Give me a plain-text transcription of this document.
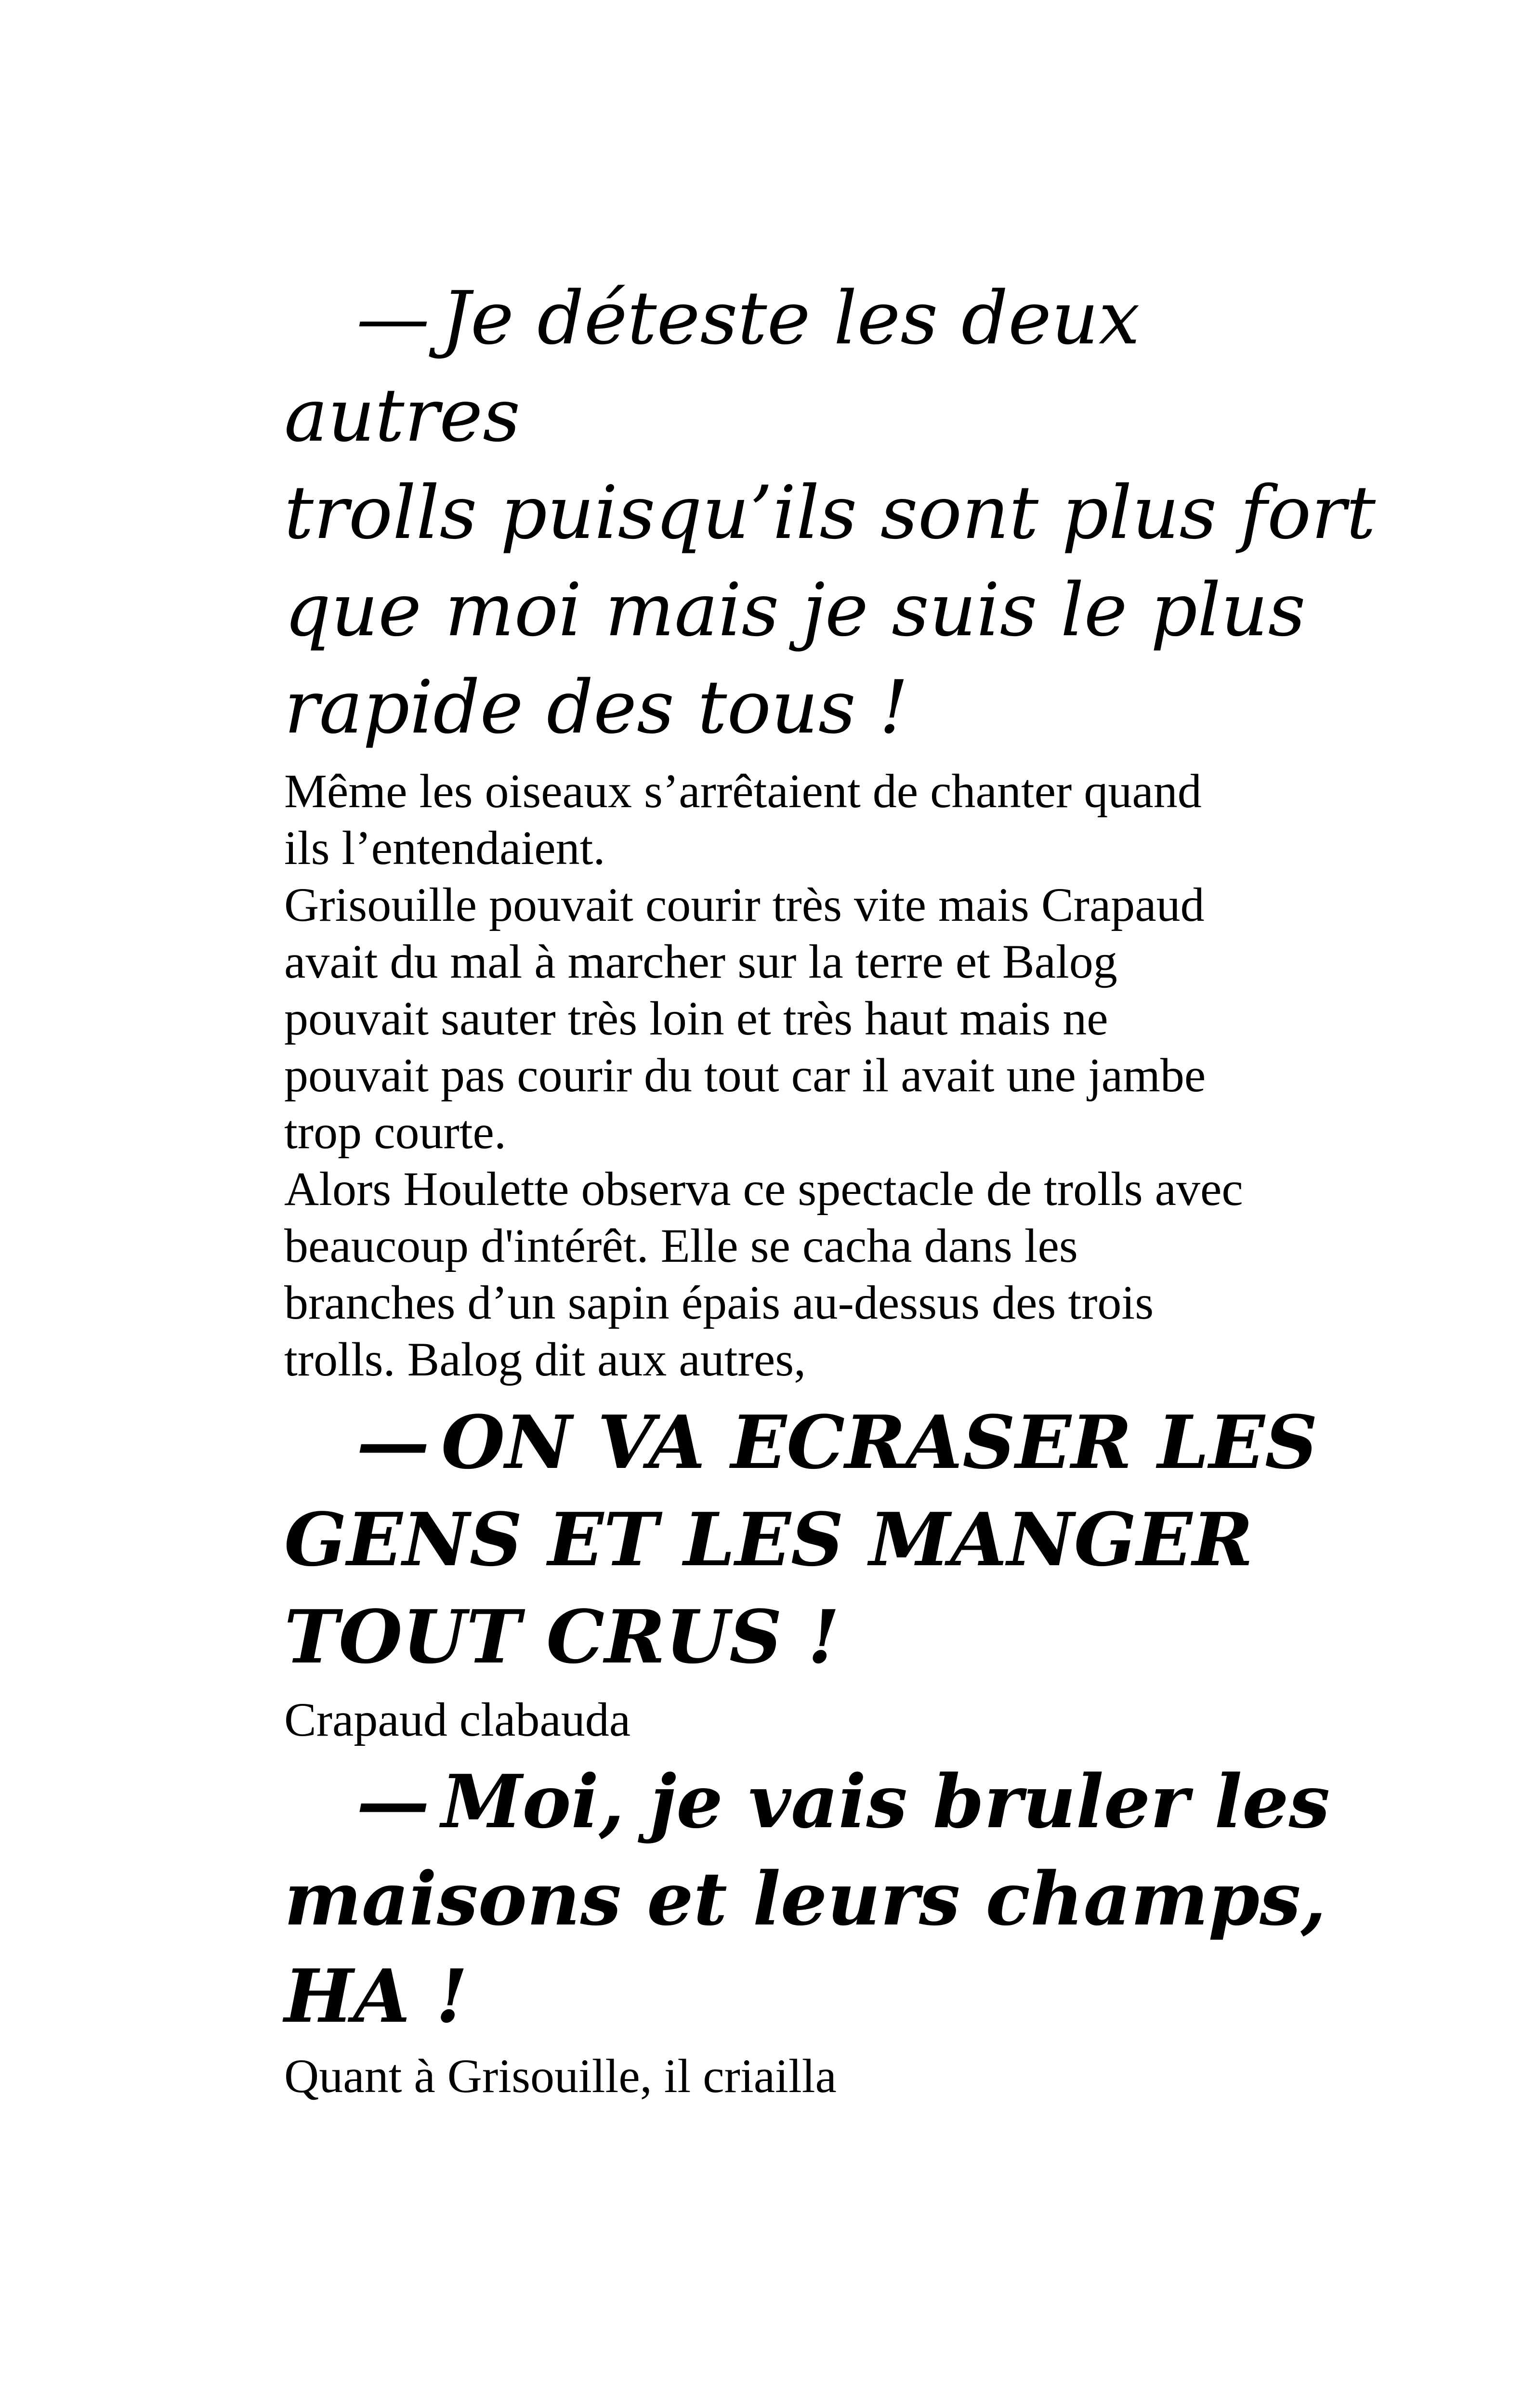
— Je déteste les deux autres
trolls puisqu’ils sont plus fort
que moi mais je suis le plus
rapide des tous !

Même les oiseaux s’arrêtaient de chanter quand
ils l’entendaient.
Grisouille pouvait courir très vite mais Crapaud
avait du mal à marcher sur la terre et Balog
pouvait sauter très loin et très haut mais ne
pouvait pas courir du tout car il avait une jambe
trop courte.
Alors Houlette observa ce spectacle de trolls avec
beaucoup d'intérêt. Elle se cacha dans les
branches d’un sapin épais au-dessus des trois
trolls. Balog dit aux autres,

— ON VA ECRASER LES
GENS ET LES MANGER
TOUT CRUS !

Crapaud clabauda

— Moi, je vais bruler les
maisons et leurs champs, HA !

Quant à Grisouille, il criailla
